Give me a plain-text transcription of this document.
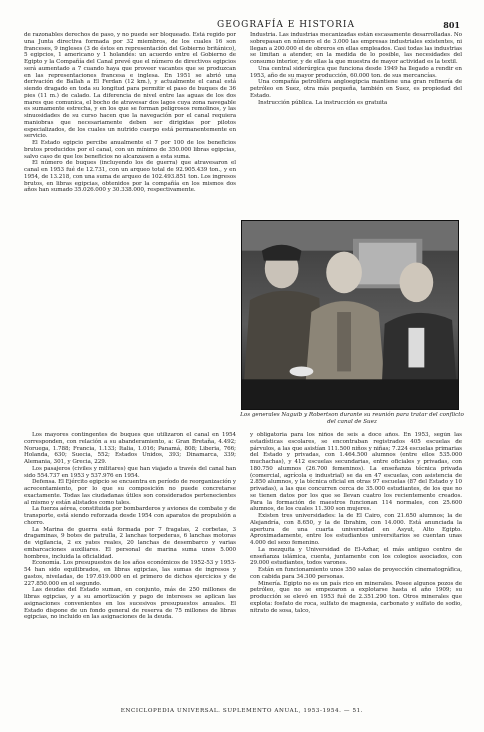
GEOGRAFÍA E HISTORIA	801

de razonables derechos de paso, y no puede ser bloqueado. Está regido por una Junta directiva formada por 32 miembros, de los cuales 16 son franceses, 9 ingleses (3 de éstos en representación del Gobierno británico), 5 egipcios, 1 americano y 1 holandés: un acuerdo entre el Gobierno de Egipto y la Compañía del Canal prevé que el número de directivos egipcios será aumentado a 7 cuando haya que proveer vacantes que se produzcan en las representaciones francesa e inglesa. En 1951 se abrió una derivación de Ballah a El Ferdan (12 km.), y actualmente el canal está siendo dragado en toda su longitud para permitir el paso de buques de 36 pies (11 m.) de calado. La diferencia de nivel entre las aguas de los dos mares que comunica, el bocho de atravesar dos lagos cuya zona navegable es sumamente estrecha, y en los que se forman peligrosos remolinos, y las sinuosidades de su curso hacen que la navegación por el canal requiera maniobras que necesariamente deben ser dirigidas por pilotos especializados, de los cuales un nutrido cuerpo está permanentemente en servicio.

El Estado egipcio percibe anualmente el 7 por 100 de los beneficios brutos producidos por el canal, con un mínimo de 350.000 libras egipcias, salvo caso de que los beneficios no alcanzasen a esta suma.

El número de buques (incluyendo los de guerra) que atravesaron el canal en 1953 fué de 12.731, con un arqueo total de 92.905.439 ton., y en 1954, de 13.218, con una suma de arqueo de 102.493.851 ton. Los ingresos brutos, en libras egipcias, obtenidos por la compañía en los mismos dos años han sumado 35.026.000 y 30.338.000, respectivamente.

Industria. Las industrias mecanizadas están escasamente desarrolladas. No sobrepasan en número el de 3.000 las empresas industriales existentes, ni llegan a 200.000 el de obreros en ellas empleados. Casi todas las industrias se limitan a atender, en la medida de lo posible, las necesidades del consumo interior, y de ellas la que muestra de mayor actividad es la textil.

Una central siderúrgica que funciona desde 1949 ha llegado a rendir en 1953, año de su mayor producción, 60.000 ton. de sus mercancías.

Una compañía petrolífera angloegipcia mantiene una gran refinería de petróleo en Suez, otra más pequeña, también en Suez, es propiedad del Estado.

Instrucción pública. La instrucción es gratuita

Los generales Naguib y Robertson durante su reunión para tratar del conflicto del canal de Suez

Los mayores contingentes de buques que utilizaron el canal en 1954 corresponden, con relación a su abanderamiento, a: Gran Bretaña, 4.492; Noruega, 1.788; Francia, 1.133; Italia, 1.016; Panamá, 808; Liberia, 766; Holanda, 630; Suecia, 552; Estados Unidos, 393; Dinamarca, 339; Alemania, 301, y Grecia, 229.

Los pasajeros (civiles y militares) que han viajado a través del canal han sido 554.737 en 1953 y 537.976 en 1954.

Defensa. El Ejército egipcio se encuentra en período de reorganización y acrecentamiento, por lo que su composición no puede concretarse exactamente. Todas las ciudadanas útiles son considerados pertenecientes al mismo y están alistados como tales.

La fuerza aérea, constituida por bombarderos y aviones de combate y de transporte, está siendo reforzada desde 1954 con aparatos de propulsión a chorro.

La Marina de guerra está formada por 7 fragatas, 2 corbetas, 3 dragaminas, 9 botes de patrulla, 2 lanchas torpederas, 6 lanchas motoras de vigilancia, 2 ex yates reales, 20 lanchas de desembarco y varias embarcaciones auxiliares. El personal de marina suma unos 5.000 hombres, incluida la oficialidad.

Economía. Los presupuestos de los años económicos de 1952-53 y 1953-54 han sido equilibrados, en libras egipcias, las sumas de ingresos y gastos, niveladas, de 197.619.000 en el primero de dichos ejercicios y de 227.850.000 en el segundo.

Las deudas del Estado suman, en conjunto, más de 250 millones de libras egipcias, y a su amortización y pago de intereses se aplican las asignaciones convenientes en los sucesivos presupuestos anuales. El Estado dispone de un fondo general de reserva de 75 millones de libras egipcias, no incluido en las asignaciones de la deuda.

y obligatoria para los niños de seis a doce años. En 1953, según las estadísticas escolares, se encontraban registrados 405 escuelas de párvulos, a las que asistían 111.500 niños y niñas; 7.224 escuelas primarias del Estado y privadas, con 1.464.500 alumnos (entre ellos 535.000 muchachas), y 412 escuelas secundarias, entre oficiales y privadas, con 180.750 alumnos (26.700 femeninos). La enseñanza técnica privada (comercial, agrícola e industrial) se da en 47 escuelas, con asistencia de 2.850 alumnos, y la técnica oficial en otras 97 escuelas (87 del Estado y 10 privadas), a las que concurren cerca de 35.000 estudiantes, de los que no se tienen datos por los que se llevan cuatro los recientemente creados. Para la formación de maestros funcionan 114 normales, con 25.600 alumnos, de los cuales 11.300 son mujeres.

Existen tres universidades: la de El Cairo, con 21.650 alumnos; la de Alejandría, con 8.650, y la de Ibrahim, con 14.000. Está anunciada la apertura de una cuarta universidad en Asyut, Alto Egipto. Aproximadamente, entre los estudiantes universitarios se cuentan unas 4.000 del sexo femenino.

La mezquita y Universidad de El-Azhar, el más antiguo centro de enseñanza islámica, cuenta, juntamente con los colegios asociados, con 29.000 estudiantes, todos varones.

Están en funcionamiento unos 350 salas de proyección cinematográfica, con cabida para 34.300 personas.

Minería. Egipto no es un país rico en minerales. Posee algunos pozos de petróleo, que no se empezaron a explotarse hasta el año 1909; su producción se elevó en 1953 fué de 2.351.290 ton. Otros minerales que explota: fosfato de roca, sulfato de magnesia, carbonato y sulfato de sodio, nitrato de sosa, talco,

ENCICLOPEDIA UNIVERSAL. SUPLEMENTO ANUAL, 1953-1954. — 51.
